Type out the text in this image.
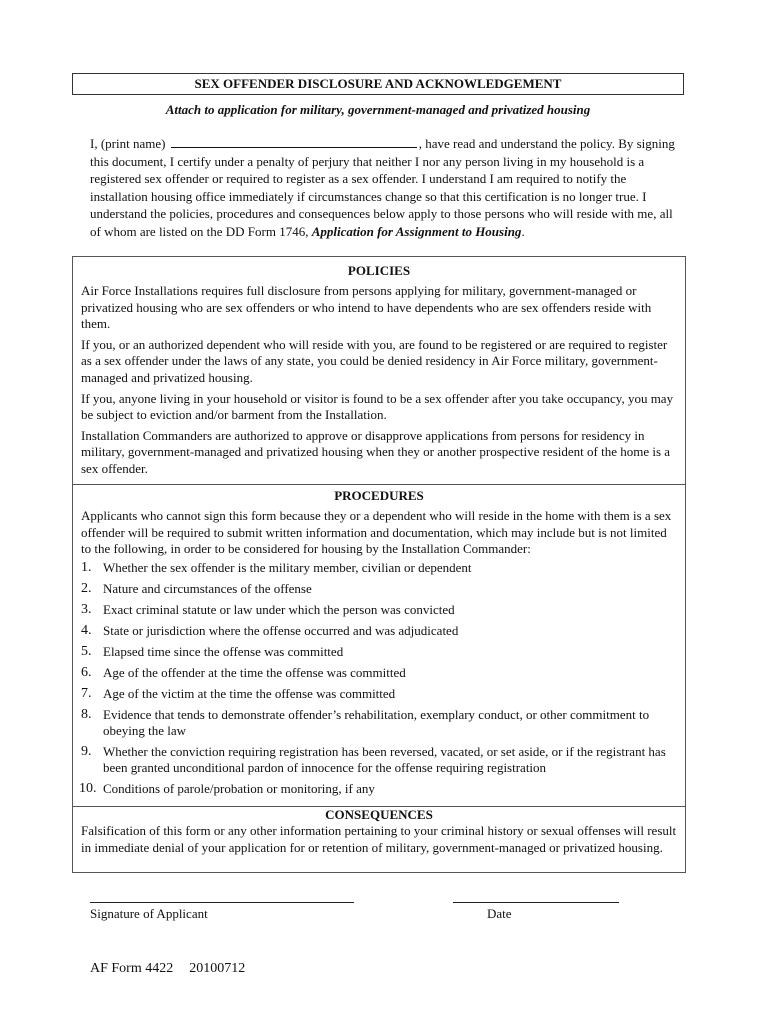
SEX OFFENDER DISCLOSURE AND ACKNOWLEDGEMENT
Attach to application for military, government-managed and privatized housing
I, (print name)	, have read and understand the policy. By signing this document, I certify under a penalty of perjury that neither I nor any person living in my household is a registered sex offender or required to register as a sex offender. I understand I am required to notify the installation housing office immediately if circumstances change so that this certification is no longer true. I understand the policies, procedures and consequences below apply to those persons who will reside with me, all of whom are listed on the DD Form 1746, Application for Assignment to Housing.
POLICIES

Air Force Installations requires full disclosure from persons applying for military, government-managed or privatized housing who are sex offenders or who intend to have dependents who are sex offenders reside with them.

If you, or an authorized dependent who will reside with you, are found to be registered or are required to register as a sex offender under the laws of any state, you could be denied residency in Air Force military, government-managed and privatized housing.

If you, anyone living in your household or visitor is found to be a sex offender after you take occupancy, you may be subject to eviction and/or barment from the Installation.

Installation Commanders are authorized to approve or disapprove applications from persons for residency in military, government-managed and privatized housing when they or another prospective resident of the home is a sex offender.

PROCEDURES

Applicants who cannot sign this form because they or a dependent who will reside in the home with them is a sex offender will be required to submit written information and documentation, which may include but is not limited to the following, in order to be considered for housing by the Installation Commander:

1. Whether the sex offender is the military member, civilian or dependent
2. Nature and circumstances of the offense
3. Exact criminal statute or law under which the person was convicted
4. State or jurisdiction where the offense occurred and was adjudicated
5. Elapsed time since the offense was committed
6. Age of the offender at the time the offense was committed
7. Age of the victim at the time the offense was committed
8. Evidence that tends to demonstrate offender’s rehabilitation, exemplary conduct, or other commitment to obeying the law
9. Whether the conviction requiring registration has been reversed, vacated, or set aside, or if the registrant has been granted unconditional pardon of innocence for the offense requiring registration
10. Conditions of parole/probation or monitoring, if any
CONSEQUENCES
Falsification of this form or any other information pertaining to your criminal history or sexual offenses will result in immediate denial of your application for or retention of military, government-managed or privatized housing.
Signature of Applicant	Date
AF Form 4422 20100712
